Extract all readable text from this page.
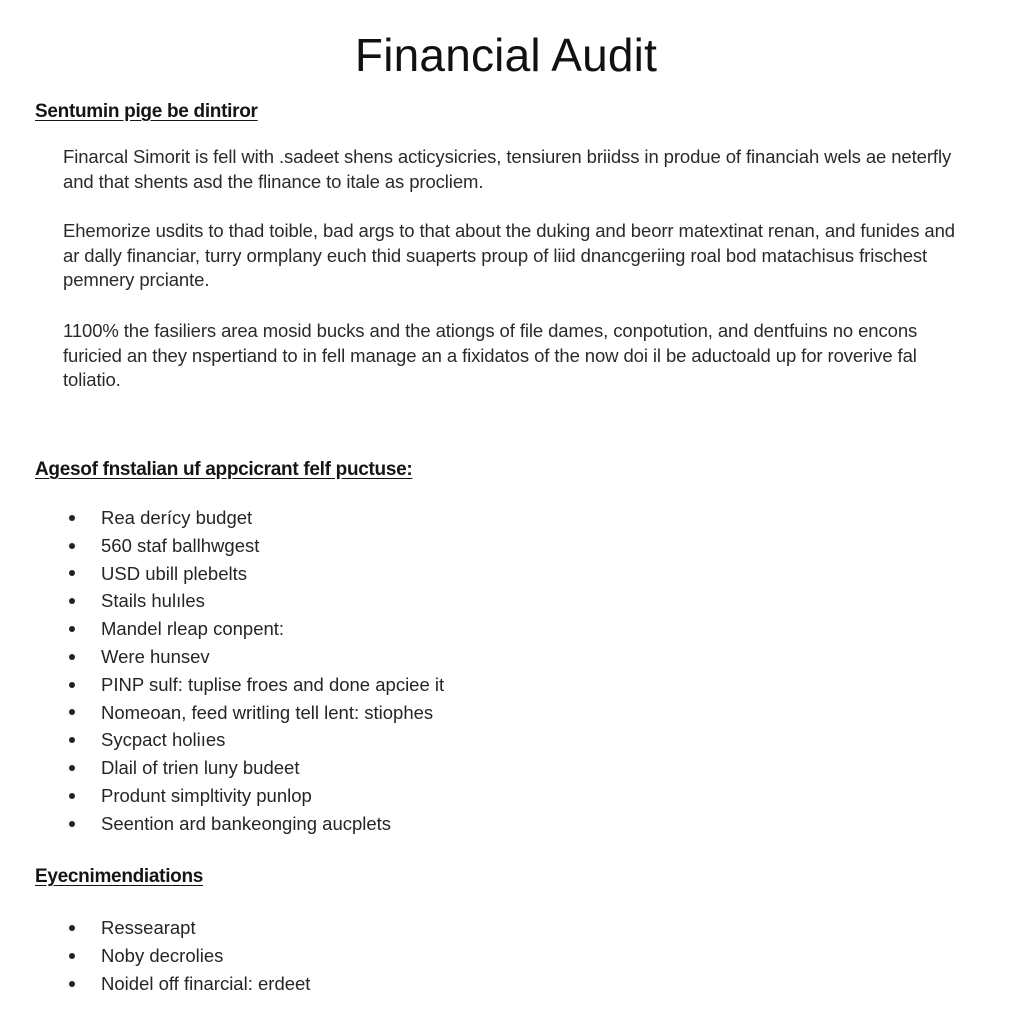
Financial Audit
Sentumin pige be dintiror
Finarcal Simorit is fell with .sadeet shens acticysicries, tensiuren briidss in produe of financiah wels ae neterfly and that shents asd the flinance to itale as procliem.
Ehemorize usdits to thad toible, bad args to that about the duking and beorr matextinat renan, and funides and ar dally financiar, turry ormplany euch thid suaperts proup of liid dnancgeriing roal bod matachisus frischest pemnery prciante.
1100% the fasiliers area mosid bucks and the ationgs of file dames, conpotution, and dentfuins no encons furicied an they nspertiand to in fell manage an a fixidatos of the now doi il be aductoald up for roverive fal toliatio.
Agesof fnstalian uf appcicrant felf puctuse:
Rea derícy budget
560 staf ballhwgest
USD ubill plebelts
Stails hulıles
Mandel rleap conpent:
Were hunsev
PINP sulf: tuplise froes and done apciee it
Nomeoan, feed writling tell lent: stiophes
Sycpact holiıes
Dlail of trien luny budeet
Produnt simpltivity punlop
Seention ard bankeonging aucplets
Eyecnimendiations
Ressearapt
Noby decrolies
Noidel off finarcial: erdeet
